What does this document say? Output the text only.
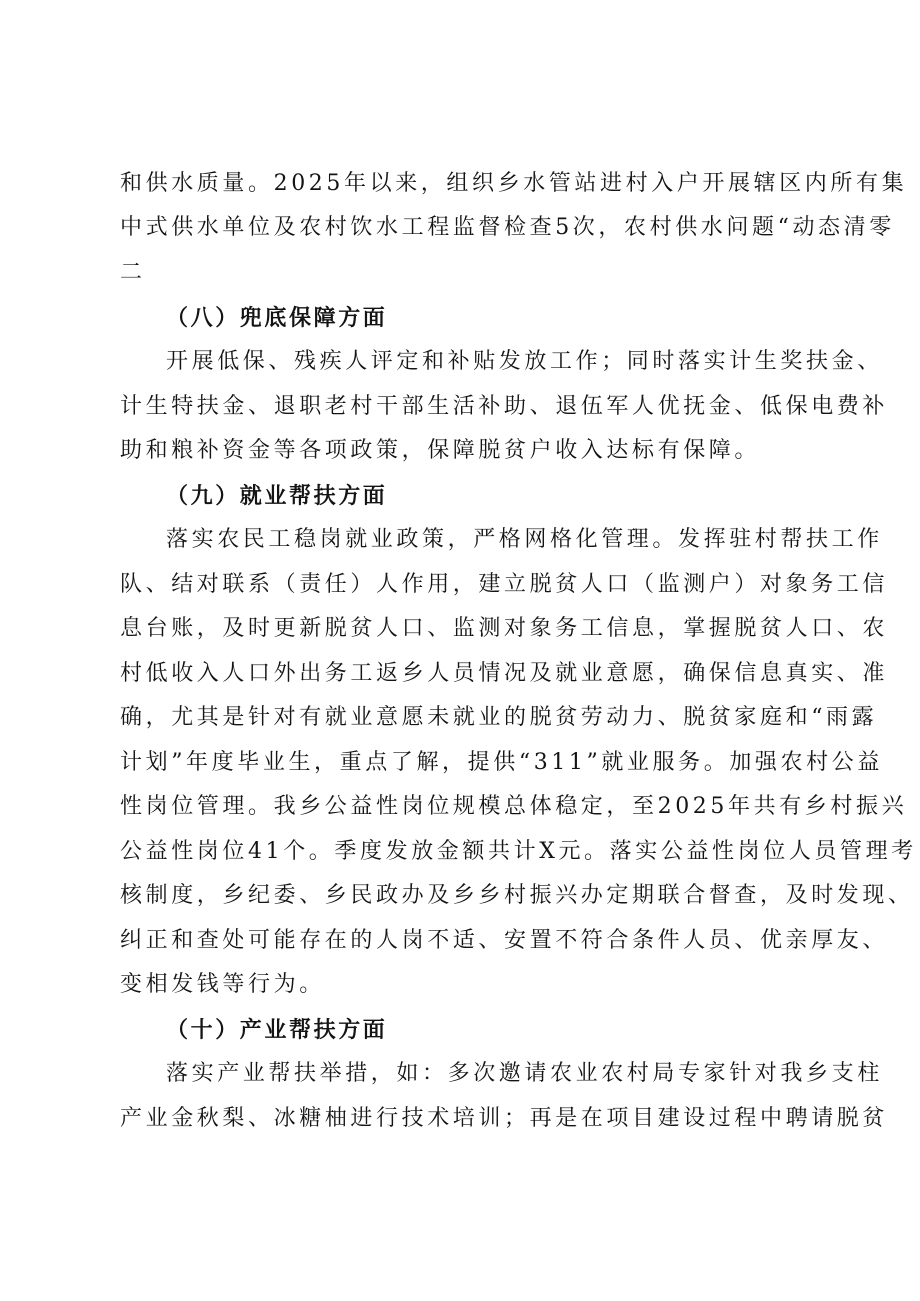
和供水质量。2025年以来，组织乡水管站进村入户开展辖区内所有集
中式供水单位及农村饮水工程监督检查5次，农村供水问题“动态清零
二
（八）兜底保障方面
开展低保、残疾人评定和补贴发放工作；同时落实计生奖扶金、
计生特扶金、退职老村干部生活补助、退伍军人优抚金、低保电费补
助和粮补资金等各项政策，保障脱贫户收入达标有保障。
（九）就业帮扶方面
落实农民工稳岗就业政策，严格网格化管理。发挥驻村帮扶工作
队、结对联系（责任）人作用，建立脱贫人口（监测户）对象务工信
息台账，及时更新脱贫人口、监测对象务工信息，掌握脱贫人口、农
村低收入人口外出务工返乡人员情况及就业意愿，确保信息真实、准
确，尤其是针对有就业意愿未就业的脱贫劳动力、脱贫家庭和“雨露
计划”年度毕业生，重点了解，提供“311”就业服务。加强农村公益
性岗位管理。我乡公益性岗位规模总体稳定，至2025年共有乡村振兴
公益性岗位41个。季度发放金额共计X元。落实公益性岗位人员管理考
核制度，乡纪委、乡民政办及乡乡村振兴办定期联合督查，及时发现、
纠正和查处可能存在的人岗不适、安置不符合条件人员、优亲厚友、
变相发钱等行为。
（十）产业帮扶方面
落实产业帮扶举措，如：多次邀请农业农村局专家针对我乡支柱
产业金秋梨、冰糖柚进行技术培训；再是在项目建设过程中聘请脱贫
